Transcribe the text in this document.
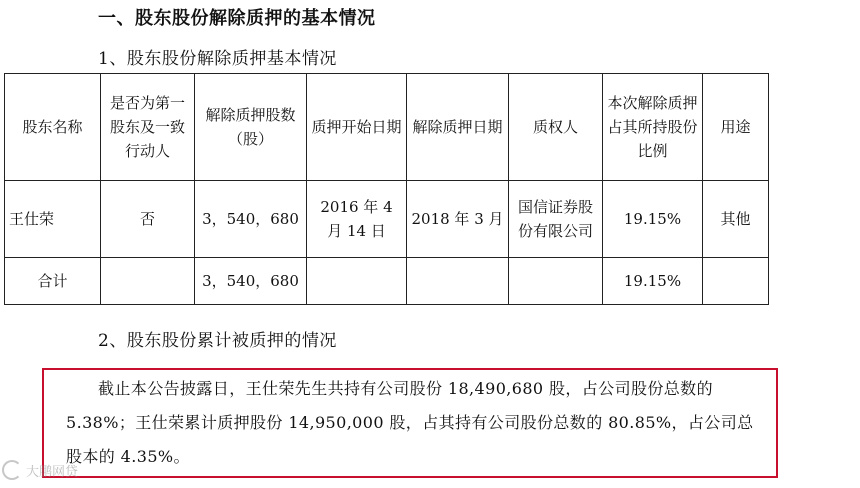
一、股东股份解除质押的基本情况
1、股东股份解除质押基本情况
股东名称	是否为第一股东及一致行动人	解除质押股数（股）	质押开始日期	解除质押日期	质权人	本次解除质押占其所持股份比例	用途
王仕荣	否	3，540，680	2016 年 4 月 14 日	2018 年 3 月	国信证券股份有限公司	19.15%	其他
合计		3，540，680				19.15%	
2、股东股份累计被质押的情况
截止本公告披露日，王仕荣先生共持有公司股份 18,490,680 股，占公司股份总数的 5.38%；王仕荣累计质押股份 14,950,000 股，占其持有公司股份总数的 80.85%，占公司总股本的 4.35%。
大鹏网贷
